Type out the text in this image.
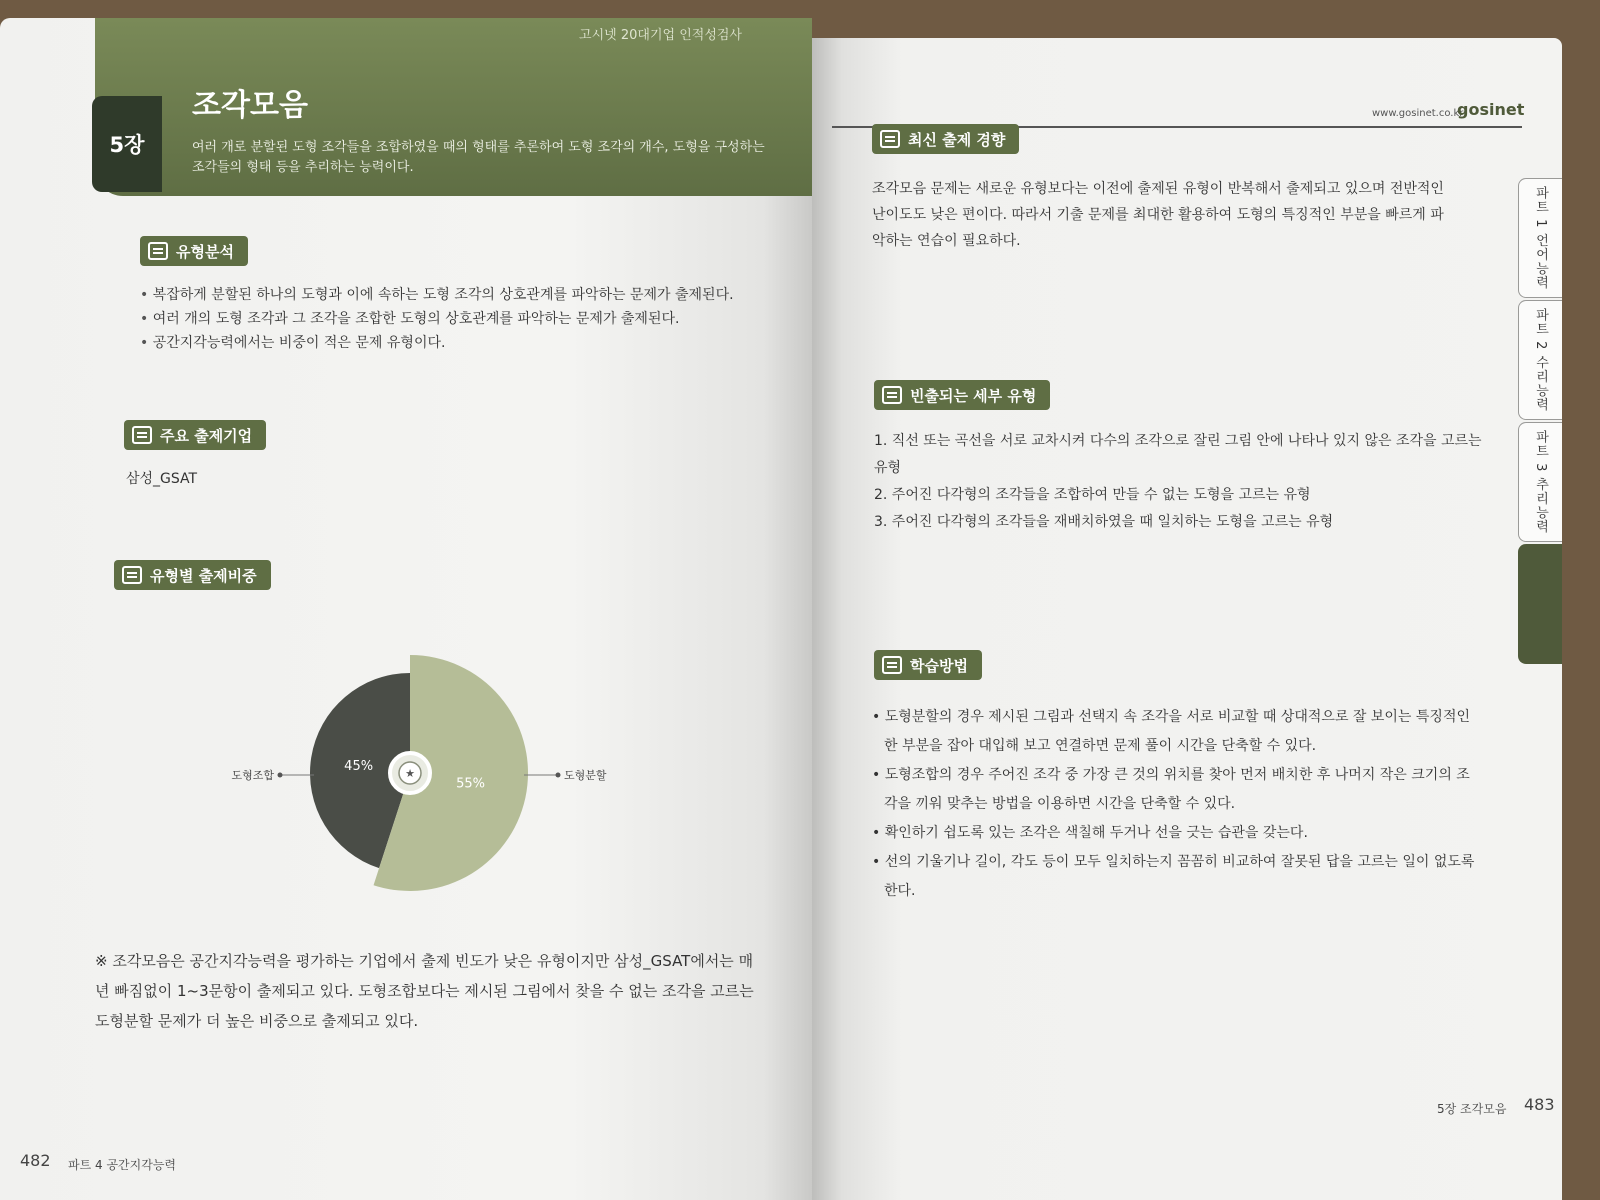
고시넷 20대기업 인적성검사
5장
조각모음
여러 개로 분할된 도형 조각들을 조합하였을 때의 형태를 추론하여 도형 조각의 개수, 도형을 구성하는 조각들의 형태 등을 추리하는 능력이다.
유형분석
• 복잡하게 분할된 하나의 도형과 이에 속하는 도형 조각의 상호관계를 파악하는 문제가 출제된다.
• 여러 개의 도형 조각과 그 조각을 조합한 도형의 상호관계를 파악하는 문제가 출제된다.
• 공간지각능력에서는 비중이 적은 문제 유형이다.
주요 출제기업
삼성_GSAT
유형별 출제비중
45%
도형조합
55%
도형분할
★
※ 조각모음은 공간지각능력을 평가하는 기업에서 출제 빈도가 낮은 유형이지만 삼성_GSAT에서는 매년 빠짐없이 1~3문항이 출제되고 있다. 도형조합보다는 제시된 그림에서 찾을 수 없는 조각을 고르는 도형분할 문제가 더 높은 비중으로 출제되고 있다.
482 파트 4 공간지각능력
www.gosinet.co.kr
gosinet
파트 1 언어능력
파트 2 수리능력
파트 3 추리능력
최신 출제 경향
조각모음 문제는 새로운 유형보다는 이전에 출제된 유형이 반복해서 출제되고 있으며 전반적인 난이도도 낮은 편이다. 따라서 기출 문제를 최대한 활용하여 도형의 특징적인 부분을 빠르게 파악하는 연습이 필요하다.
빈출되는 세부 유형
1. 직선 또는 곡선을 서로 교차시켜 다수의 조각으로 잘린 그림 안에 나타나 있지 않은 조각을 고르는 유형
2. 주어진 다각형의 조각들을 조합하여 만들 수 없는 도형을 고르는 유형
3. 주어진 다각형의 조각들을 재배치하였을 때 일치하는 도형을 고르는 유형
학습방법
• 도형분할의 경우 제시된 그림과 선택지 속 조각을 서로 비교할 때 상대적으로 잘 보이는 특징적인 한 부분을 잡아 대입해 보고 연결하면 문제 풀이 시간을 단축할 수 있다.
• 도형조합의 경우 주어진 조각 중 가장 큰 것의 위치를 찾아 먼저 배치한 후 나머지 작은 크기의 조각을 끼워 맞추는 방법을 이용하면 시간을 단축할 수 있다.
• 확인하기 쉽도록 있는 조각은 색칠해 두거나 선을 긋는 습관을 갖는다.
• 선의 기울기나 길이, 각도 등이 모두 일치하는지 꼼꼼히 비교하여 잘못된 답을 고르는 일이 없도록 한다.
5장 조각모음 483
